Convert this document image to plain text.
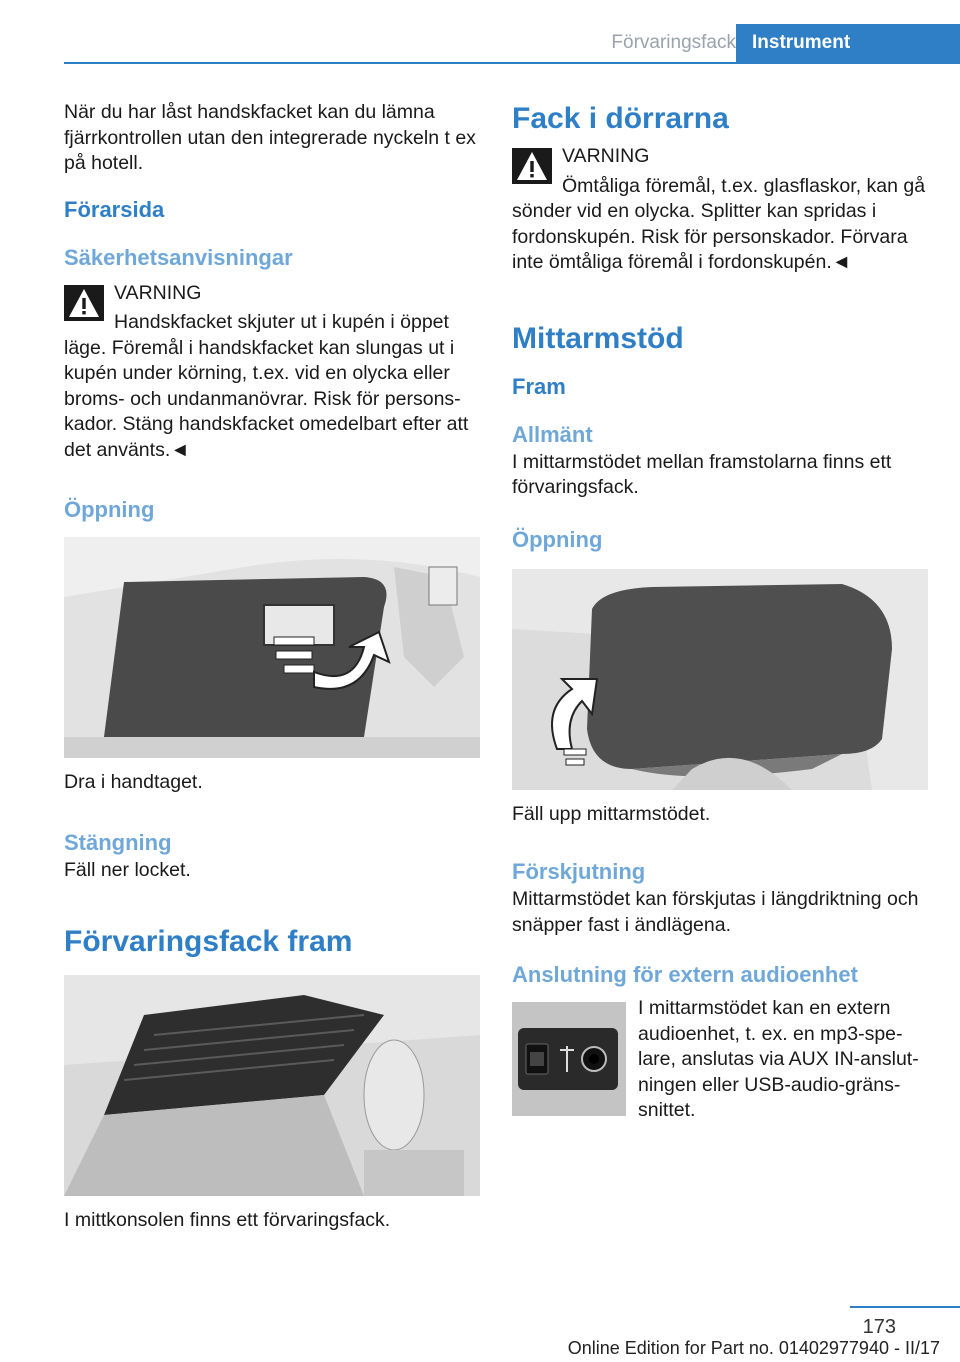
Förvaringsfack Instrument

När du har låst handskfacket kan du lämna fjärrkontrollen utan den integrerade nyckeln t ex på hotell.

Förarsida
Säkerhetsanvisningar

VARNING

Handskfacket skjuter ut i kupén i öppet läge. Föremål i handskfacket kan slungas ut i kupén under körning, t.ex. vid en olycka eller broms- och undanmanövrar. Risk för personskador. Stäng handskfacket omedelbart efter att det använts.◄

Öppning

Dra i handtaget.

Stängning

Fäll ner locket.

Förvaringsfack fram

I mittkonsolen finns ett förvaringsfack.

Fack i dörrarna

VARNING

Ömtåliga föremål, t.ex. glasflaskor, kan gå sönder vid en olycka. Splitter kan spridas i fordonskupén. Risk för personskador. Förvara inte ömtåliga föremål i fordonskupén.◄

Mittarmstöd
Fram
Allmänt

I mittarmstödet mellan framstolarna finns ett förvaringsfack.

Öppning

Fäll upp mittarmstödet.

Förskjutning

Mittarmstödet kan förskjutas i längdriktning och snäpper fast i ändlägena.

Anslutning för extern audioenhet

I mittarmstödet kan en extern audioenhet, t. ex. en mp3-spelare, anslutas via AUX IN-anslutningen eller USB-audio-gränssnittet.

173
Online Edition for Part no. 01402977940 - II/17
